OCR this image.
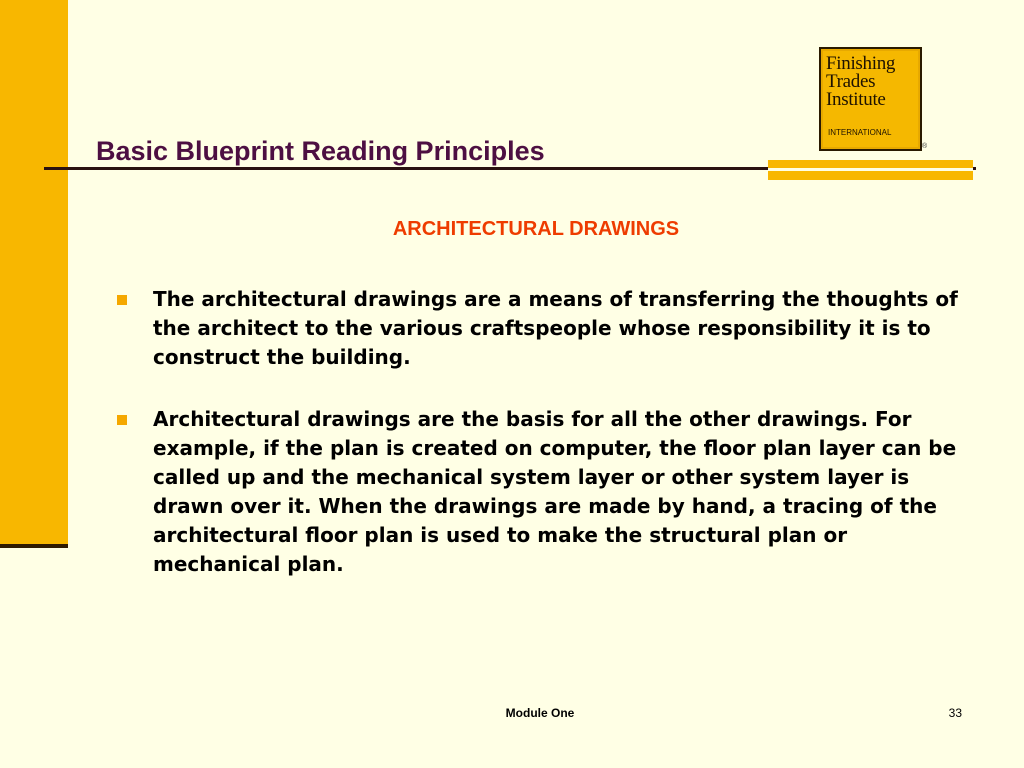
Finishing
Trades
Institute
INTERNATIONAL
®
Basic Blueprint Reading Principles
ARCHITECTURAL DRAWINGS
The architectural drawings are a means of transferring the thoughts of the architect to the various craftspeople whose responsibility it is to construct the building.
Architectural drawings are the basis for all the other drawings. For example, if the plan is created on computer, the floor plan layer can be called up and the mechanical system layer or other system layer is drawn over it. When the drawings are made by hand, a tracing of the architectural floor plan is used to make the structural plan or mechanical plan.
Module One	33
